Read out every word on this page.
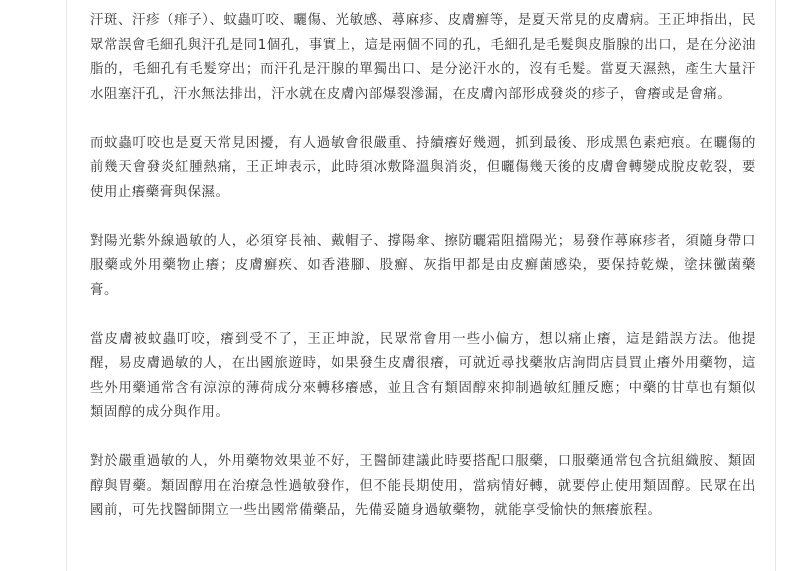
汗斑、汗疹（痱子）、蚊蟲叮咬、曬傷、光敏感、蕁麻疹、皮膚癬等，是夏天常見的皮膚病。王正坤指出，民眾常誤會毛細孔與汗孔是同1個孔，事實上，這是兩個不同的孔，毛細孔是毛髮與皮脂腺的出口，是在分泌油脂的，毛細孔有毛髮穿出；而汗孔是汗腺的單獨出口、是分泌汗水的，沒有毛髮。當夏天濕熱，產生大量汗水阻塞汗孔，汗水無法排出，汗水就在皮膚內部爆裂滲漏，在皮膚內部形成發炎的疹子，會癢或是會痛。

而蚊蟲叮咬也是夏天常見困擾，有人過敏會很嚴重、持續癢好幾週，抓到最後、形成黑色素疤痕。在曬傷的前幾天會發炎紅腫熱痛，王正坤表示，此時須冰敷降溫與消炎，但曬傷幾天後的皮膚會轉變成脫皮乾裂，要使用止癢藥膏與保濕。

對陽光紫外線過敏的人，必須穿長袖、戴帽子、撐陽傘、擦防曬霜阻擋陽光；易發作蕁麻疹者，須隨身帶口服藥或外用藥物止癢；皮膚癬疾、如香港腳、股癬、灰指甲都是由皮癬菌感染，要保持乾燥，塗抹黴菌藥膏。

當皮膚被蚊蟲叮咬，癢到受不了，王正坤說，民眾常會用一些小偏方，想以痛止癢，這是錯誤方法。他提醒，易皮膚過敏的人，在出國旅遊時，如果發生皮膚很癢，可就近尋找藥妝店詢問店員買止癢外用藥物，這些外用藥通常含有涼涼的薄荷成分來轉移癢感，並且含有類固醇來抑制過敏紅腫反應；中藥的甘草也有類似類固醇的成分與作用。

對於嚴重過敏的人，外用藥物效果並不好，王醫師建議此時要搭配口服藥，口服藥通常包含抗組織胺、類固醇與胃藥。類固醇用在治療急性過敏發作，但不能長期使用，當病情好轉，就要停止使用類固醇。民眾在出國前，可先找醫師開立一些出國常備藥品，先備妥隨身過敏藥物，就能享受愉快的無癢旅程。
